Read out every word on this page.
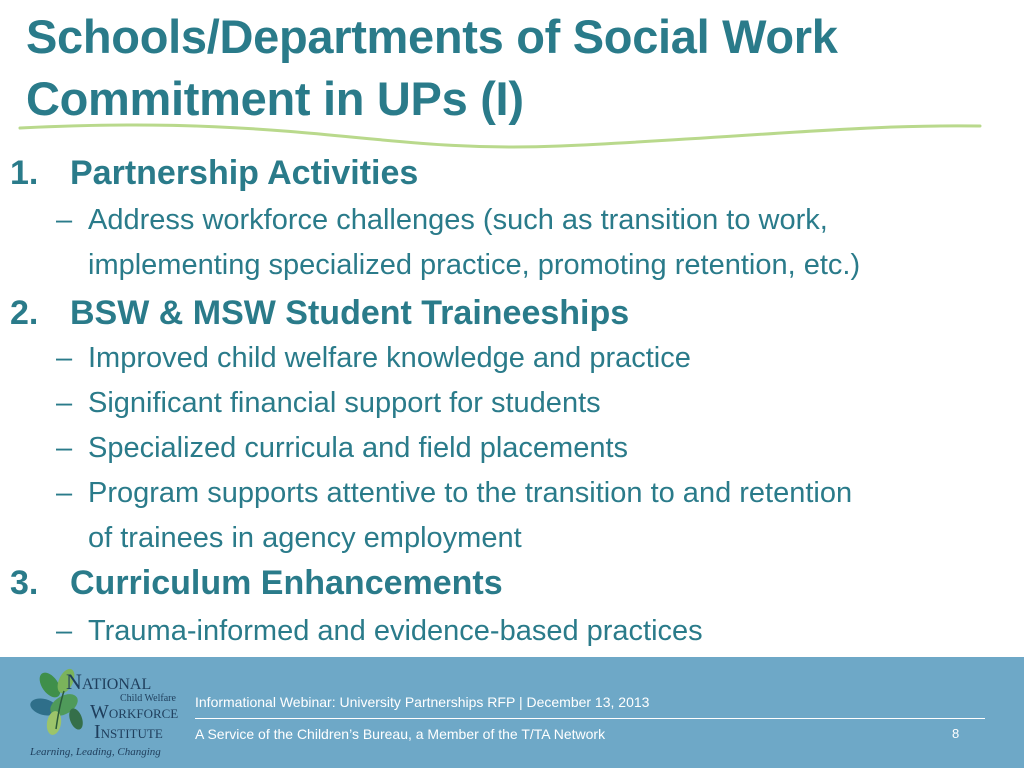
Schools/Departments of Social Work
Commitment in UPs (I)
1. Partnership Activities
– Address workforce challenges (such as transition to work,
implementing specialized practice, promoting retention, etc.)
2. BSW & MSW Student Traineeships
– Improved child welfare knowledge and practice
– Significant financial support for students
– Specialized curricula and field placements
– Program supports attentive to the transition to and retention
of trainees in agency employment
3. Curriculum Enhancements
– Trauma-informed and evidence-based practices
NATIONAL
Child Welfare
WORKFORCE
INSTITUTE
Learning, Leading, Changing
Informational Webinar: University Partnerships RFP | December 13, 2013
A Service of the Children’s Bureau, a Member of the T/TA Network	8
